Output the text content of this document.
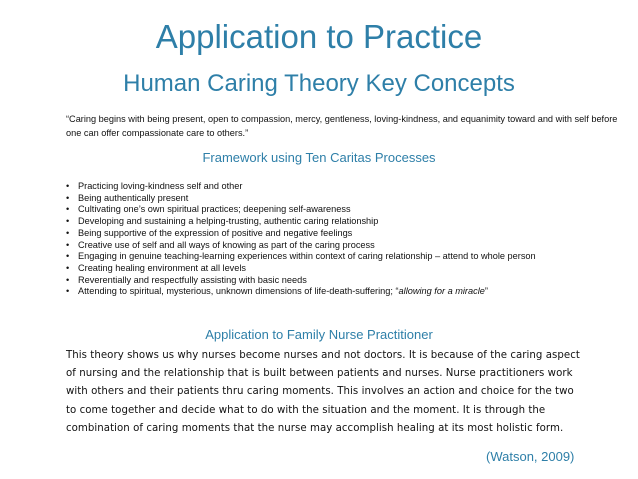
Application to Practice
Human Caring Theory Key Concepts
“Caring begins with being present, open to compassion, mercy, gentleness, loving-kindness, and equanimity toward and with self before one can offer compassionate care to others.”
Framework using Ten Caritas Processes
• Practicing loving-kindness self and other
• Being authentically present
• Cultivating one’s own spiritual practices; deepening self-awareness
• Developing and sustaining a helping-trusting, authentic caring relationship
• Being supportive of the expression of positive and negative feelings
• Creative use of self and all ways of knowing as part of the caring process
• Engaging in genuine teaching-learning experiences within context of caring relationship – attend to whole person
• Creating healing environment at all levels
• Reverentially and respectfully assisting with basic needs
• Attending to spiritual, mysterious, unknown dimensions of life-death-suffering; “allowing for a miracle”
Application to Family Nurse Practitioner
This theory shows us why nurses become nurses and not doctors. It is because of the caring aspect of nursing and the relationship that is built between patients and nurses. Nurse practitioners work with others and their patients thru caring moments. This involves an action and choice for the two to come together and decide what to do with the situation and the moment. It is through the combination of caring moments that the nurse may accomplish healing at its most holistic form.
(Watson, 2009)
